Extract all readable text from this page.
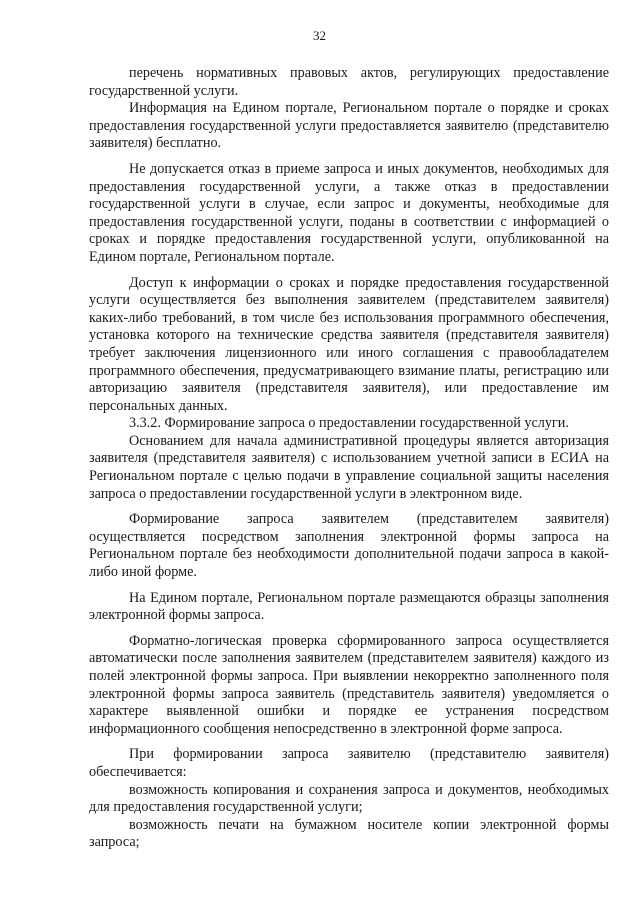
32

перечень нормативных правовых актов, регулирующих предоставление государственной услуги.

Информация на Едином портале, Региональном портале о порядке и сроках предоставления государственной услуги предоставляется заявителю (представителю заявителя) бесплатно.

Не допускается отказ в приеме запроса и иных документов, необходимых для предоставления государственной услуги, а также отказ в предоставлении государственной услуги в случае, если запрос и документы, необходимые для предоставления государственной услуги, поданы в соответствии с информацией о сроках и порядке предоставления государственной услуги, опубликованной на Едином портале, Региональном портале.

Доступ к информации о сроках и порядке предоставления государственной услуги осуществляется без выполнения заявителем (представителем заявителя) каких-либо требований, в том числе без использования программного обеспечения, установка которого на технические средства заявителя (представителя заявителя) требует заключения лицензионного или иного соглашения с правообладателем программного обеспечения, предусматривающего взимание платы, регистрацию или авторизацию заявителя (представителя заявителя), или предоставление им персональных данных.

3.3.2. Формирование запроса о предоставлении государственной услуги.

Основанием для начала административной процедуры является авторизация заявителя (представителя заявителя) с использованием учетной записи в ЕСИА на Региональном портале с целью подачи в управление социальной защиты населения запроса о предоставлении государственной услуги в электронном виде.

Формирование запроса заявителем (представителем заявителя) осуществляется посредством заполнения электронной формы запроса на Региональном портале без необходимости дополнительной подачи запроса в какой-либо иной форме.

На Едином портале, Региональном портале размещаются образцы заполнения электронной формы запроса.

Форматно-логическая проверка сформированного запроса осуществляется автоматически после заполнения заявителем (представителем заявителя) каждого из полей электронной формы запроса. При выявлении некорректно заполненного поля электронной формы запроса заявитель (представитель заявителя) уведомляется о характере выявленной ошибки и порядке ее устранения посредством информационного сообщения непосредственно в электронной форме запроса.

При формировании запроса заявителю (представителю заявителя) обеспечивается:

возможность копирования и сохранения запроса и документов, необходимых для предоставления государственной услуги;

возможность печати на бумажном носителе копии электронной формы запроса;
